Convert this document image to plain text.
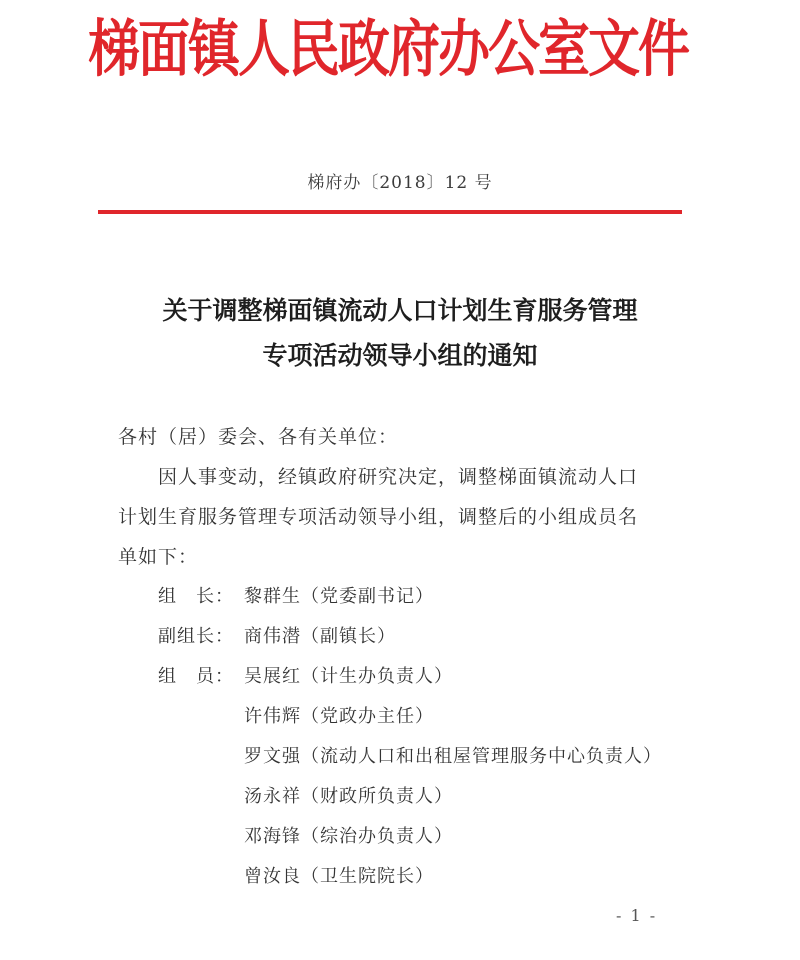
梯面镇人民政府办公室文件
梯府办〔2018〕12 号
关于调整梯面镇流动人口计划生育服务管理
专项活动领导小组的通知
各村（居）委会、各有关单位：
因人事变动，经镇政府研究决定，调整梯面镇流动人口
计划生育服务管理专项活动领导小组，调整后的小组成员名
单如下：
组　长： 黎群生（党委副书记）
副组长： 商伟潜（副镇长）
组　员： 吴展红（计生办负责人）
许伟辉（党政办主任）
罗文强（流动人口和出租屋管理服务中心负责人）
汤永祥（财政所负责人）
邓海锋（综治办负责人）
曾汝良（卫生院院长）
- 1 -
